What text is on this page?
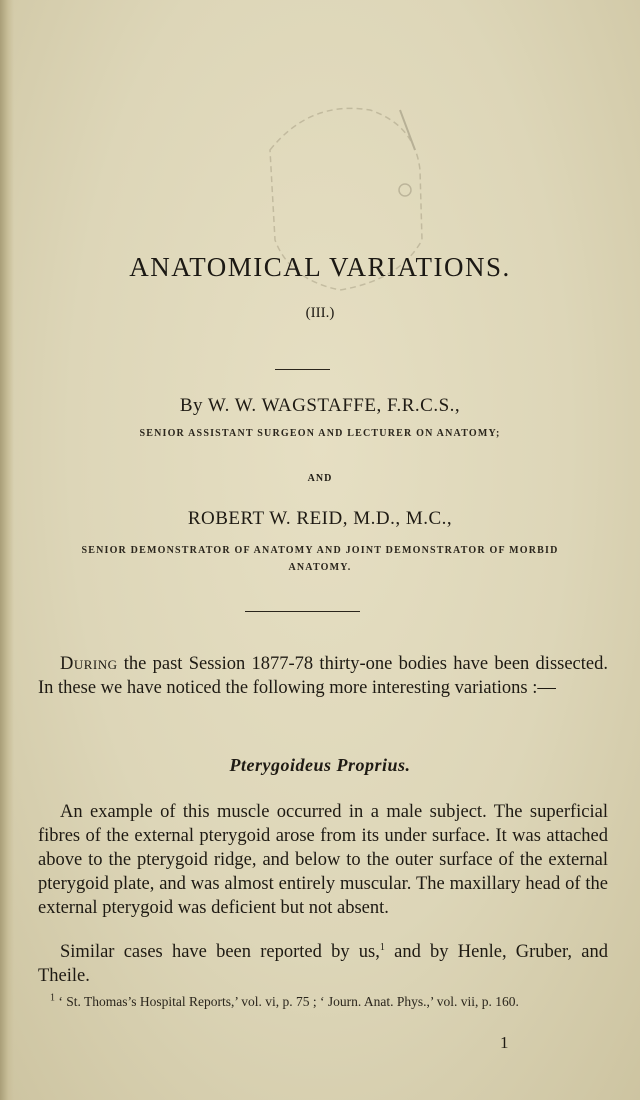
ANATOMICAL VARIATIONS.
(III.)
By W. W. WAGSTAFFE, F.R.C.S.,
SENIOR ASSISTANT SURGEON AND LECTURER ON ANATOMY;
AND
ROBERT W. REID, M.D., M.C.,
SENIOR DEMONSTRATOR OF ANATOMY AND JOINT DEMONSTRATOR OF MORBID
ANATOMY.
During the past Session 1877-78 thirty-one bodies have been dissected. In these we have noticed the following more interesting variations :—
Pterygoideus Proprius.
An example of this muscle occurred in a male subject. The superficial fibres of the external pterygoid arose from its under surface. It was attached above to the pterygoid ridge, and below to the outer surface of the external pterygoid plate, and was almost entirely muscular. The maxillary head of the external pterygoid was deficient but not absent.
Similar cases have been reported by us,$^1$ and by Henle, Gruber, and Theile.
$^1$ ‘ St. Thomas’s Hospital Reports,’ vol. vi, p. 75 ; ‘ Journ. Anat. Phys.,’ vol. vii, p. 160.
1
